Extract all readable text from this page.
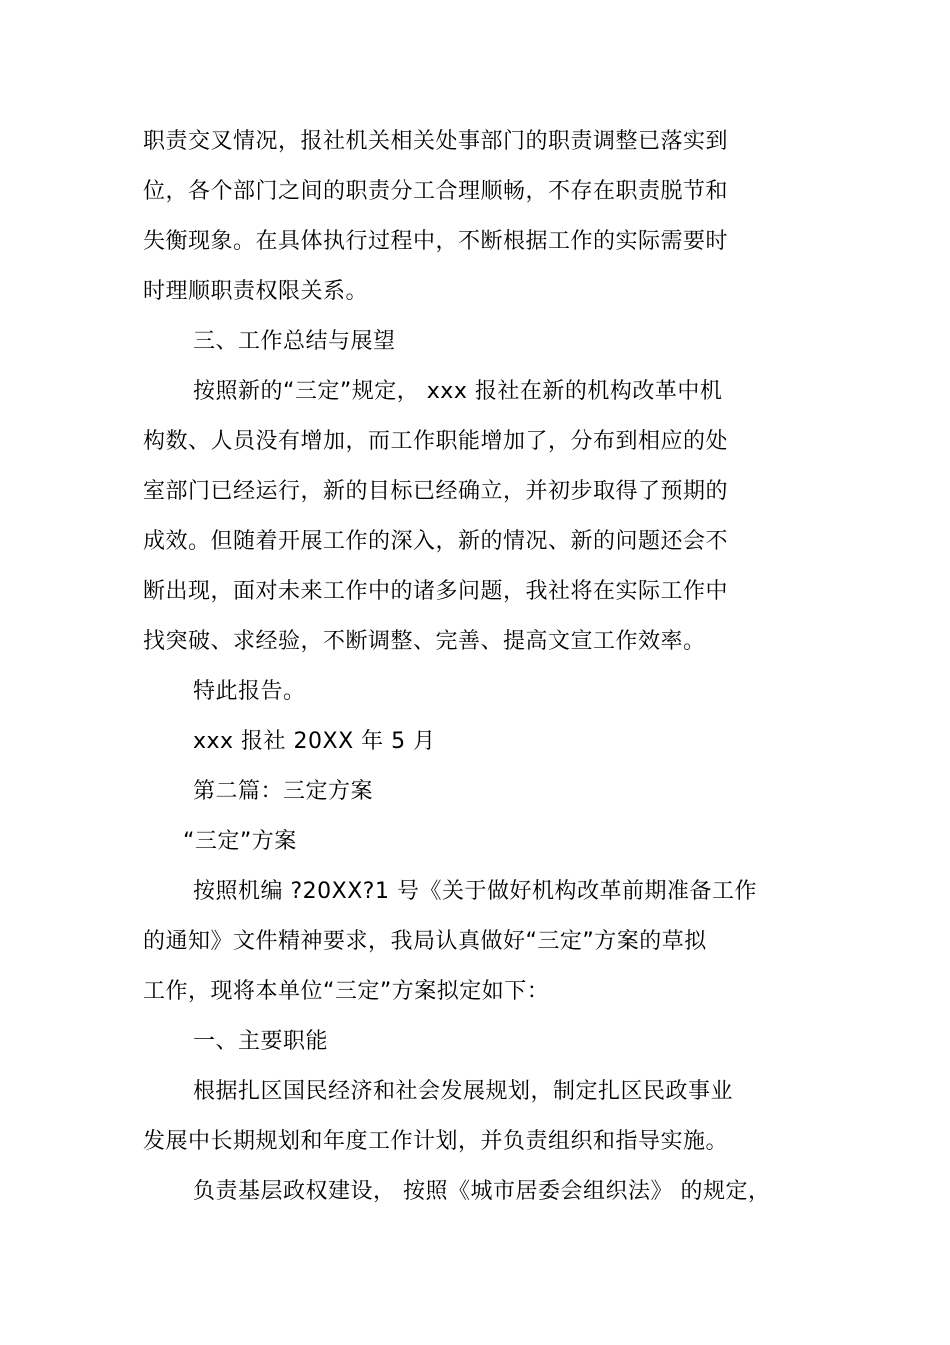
职责交叉情况，报社机关相关处事部门的职责调整已落实到
位，各个部门之间的职责分工合理顺畅，不存在职责脱节和
失衡现象。在具体执行过程中，不断根据工作的实际需要时
时理顺职责权限关系。
三、工作总结与展望
按照新的“三定”规定， xxx 报社在新的机构改革中机
构数、人员没有增加，而工作职能增加了，分布到相应的处
室部门已经运行，新的目标已经确立，并初步取得了预期的
成效。但随着开展工作的深入，新的情况、新的问题还会不
断出现，面对未来工作中的诸多问题，我社将在实际工作中
找突破、求经验，不断调整、完善、提高文宣工作效率。
特此报告。
xxx 报社 20XX 年 5 月
第二篇：三定方案
“三定”方案
按照机编 ?20XX?1 号《关于做好机构改革前期准备工作
的通知》文件精神要求，我局认真做好“三定”方案的草拟
工作，现将本单位“三定”方案拟定如下：
一、主要职能
根据扎区国民经济和社会发展规划，制定扎区民政事业
发展中长期规划和年度工作计划，并负责组织和指导实施。
负责基层政权建设， 按照《城市居委会组织法》 的规定，
